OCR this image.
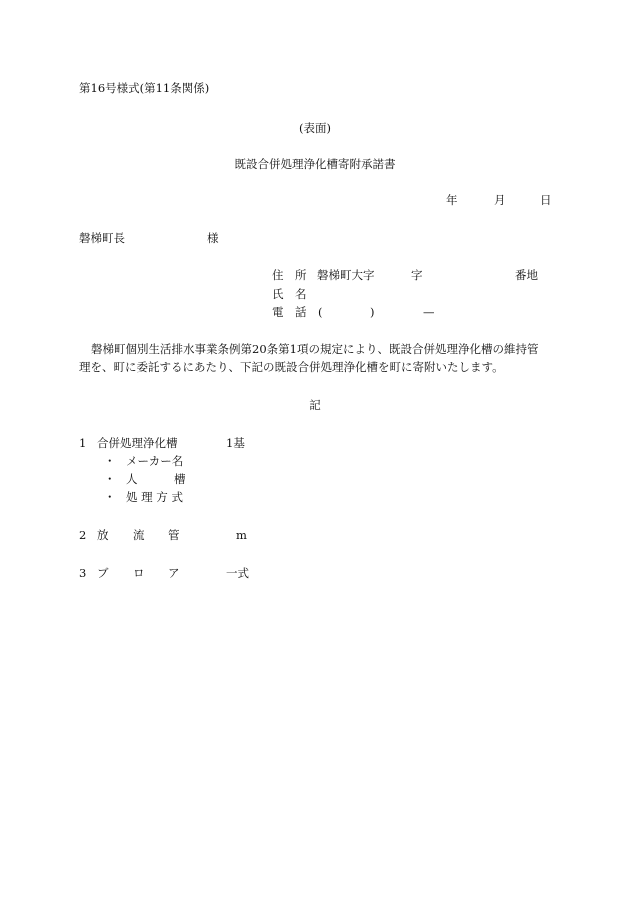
第16号様式(第11条関係)
(表面)
既設合併処理浄化槽寄附承諾書
年	月	日
磐梯町長	様
住　所 磐梯町大字	字	番地
氏　名
電　話 (	)	—
磐梯町個別生活排水事業条例第20条第1項の規定により、既設合併処理浄化槽の維持管
理を、町に委託するにあたり、下記の既設合併処理浄化槽を町に寄附いたします。
記
1 合併処理浄化槽	1基
・ メーカー名
・ 人	槽
・ 処 理 方 式
2 放 流 管	m
3 ブ ロ ア	一式
